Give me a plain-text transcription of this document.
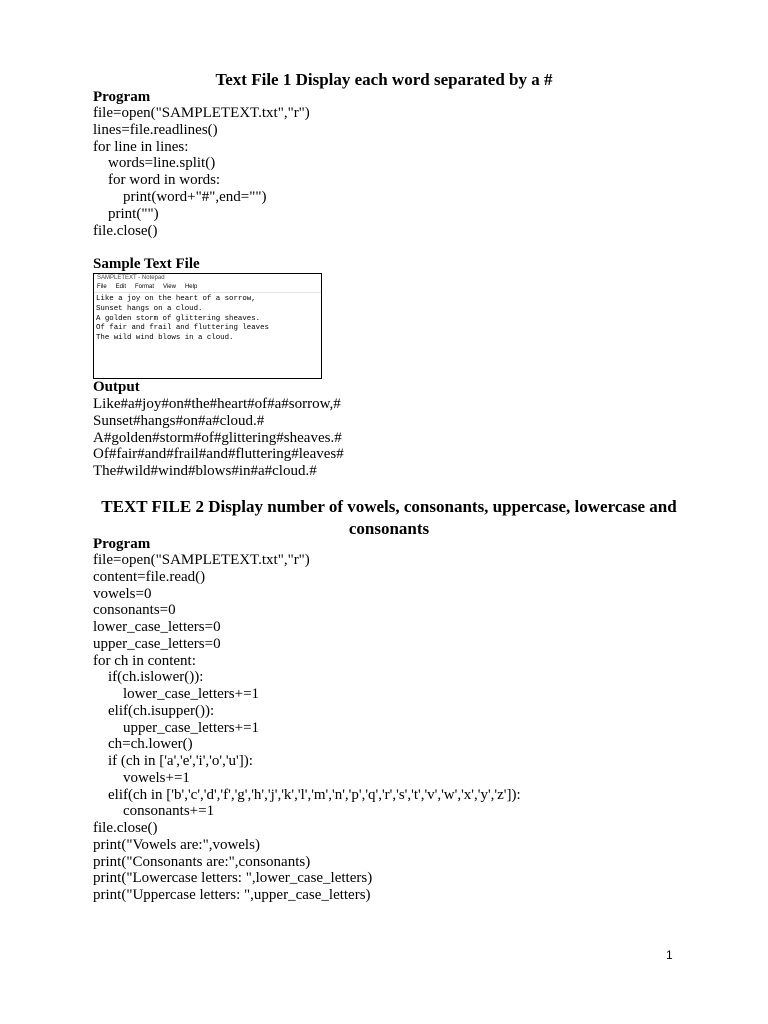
Text File 1 Display each word separated by a #
Program
file=open("SAMPLETEXT.txt","r")
lines=file.readlines()
for line in lines:
words=line.split()
for word in words:
print(word+"#",end="")
print("")
file.close()
Sample Text File
SAMPLETEXT - Notepad
File Edit Format View Help
Like a joy on the heart of a sorrow,
Sunset hangs on a cloud.
A golden storm of glittering sheaves.
Of fair and frail and fluttering leaves
The wild wind blows in a cloud.
Output
Like#a#joy#on#the#heart#of#a#sorrow,#
Sunset#hangs#on#a#cloud.#
A#golden#storm#of#glittering#sheaves.#
Of#fair#and#frail#and#fluttering#leaves#
The#wild#wind#blows#in#a#cloud.#
TEXT FILE 2 Display number of vowels, consonants, uppercase, lowercase and consonants
Program
file=open("SAMPLETEXT.txt","r")
content=file.read()
vowels=0
consonants=0
lower_case_letters=0
upper_case_letters=0
for ch in content:
if(ch.islower()):
lower_case_letters+=1
elif(ch.isupper()):
upper_case_letters+=1
ch=ch.lower()
if (ch in ['a','e','i','o','u']):
vowels+=1
elif(ch in ['b','c','d','f','g','h','j','k','l','m','n','p','q','r','s','t','v','w','x','y','z']):
consonants+=1
file.close()
print("Vowels are:",vowels)
print("Consonants are:",consonants)
print("Lowercase letters: ",lower_case_letters)
print("Uppercase letters: ",upper_case_letters)
1
